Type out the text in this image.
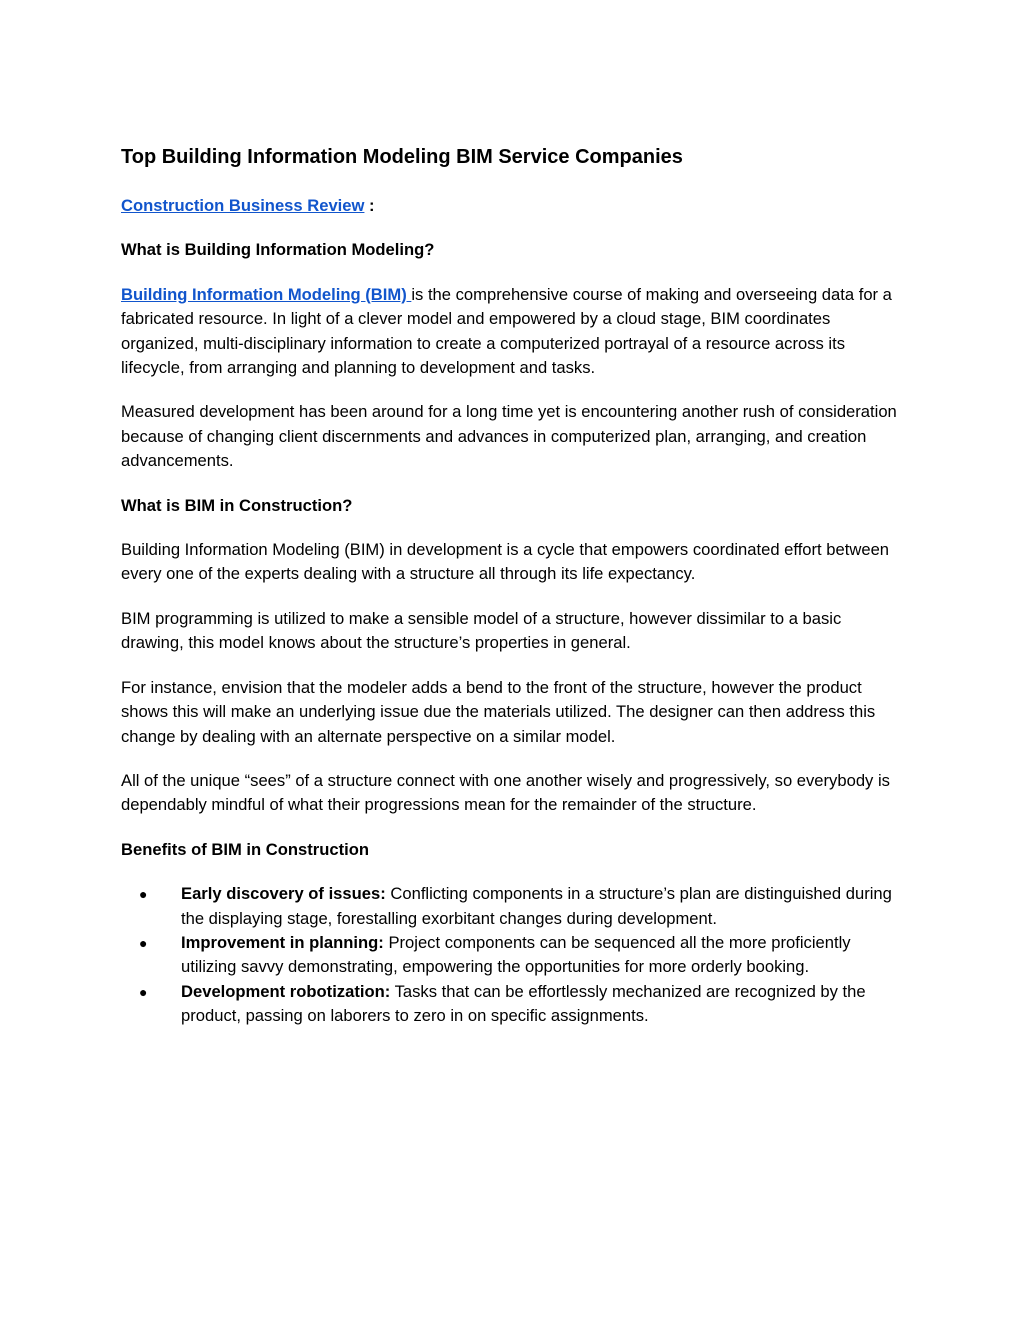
Top Building Information Modeling BIM Service Companies
Construction Business Review :
What is Building Information Modeling?

Building Information Modeling (BIM) is the comprehensive course of making and overseeing data for a fabricated resource. In light of a clever model and empowered by a cloud stage, BIM coordinates organized, multi-disciplinary information to create a computerized portrayal of a resource across its lifecycle, from arranging and planning to development and tasks.

Measured development has been around for a long time yet is encountering another rush of consideration because of changing client discernments and advances in computerized plan, arranging, and creation advancements.

What is BIM in Construction?

Building Information Modeling (BIM) in development is a cycle that empowers coordinated effort between every one of the experts dealing with a structure all through its life expectancy.

BIM programming is utilized to make a sensible model of a structure, however dissimilar to a basic drawing, this model knows about the structure’s properties in general.

For instance, envision that the modeler adds a bend to the front of the structure, however the product shows this will make an underlying issue due the materials utilized. The designer can then address this change by dealing with an alternate perspective on a similar model.

All of the unique “sees” of a structure connect with one another wisely and progressively, so everybody is dependably mindful of what their progressions mean for the remainder of the structure.

Benefits of BIM in Construction
● Early discovery of issues: Conflicting components in a structure’s plan are distinguished during the displaying stage, forestalling exorbitant changes during development.
● Improvement in planning: Project components can be sequenced all the more proficiently utilizing savvy demonstrating, empowering the opportunities for more orderly booking.
● Development robotization: Tasks that can be effortlessly mechanized are recognized by the product, passing on laborers to zero in on specific assignments.
